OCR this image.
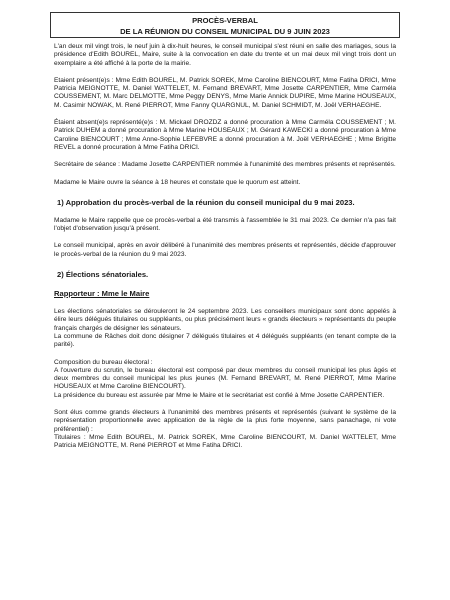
PROCÈS-VERBAL
DE LA RÉUNION DU CONSEIL MUNICIPAL DU 9 JUIN 2023

L'an deux mil vingt trois, le neuf juin à dix-huit heures, le conseil municipal s'est réuni en salle des mariages, sous la présidence d'Edith BOUREL, Maire, suite à la convocation en date du trente et un mai deux mil vingt trois dont un exemplaire a été affiché à la porte de la mairie.

Etaient présent(e)s : Mme Edith BOUREL, M. Patrick SOREK, Mme Caroline BIENCOURT, Mme Fatiha DRICI, Mme Patricia MEIGNOTTE, M. Daniel WATTELET, M. Fernand BREVART, Mme Josette CARPENTIER, Mme Carméla COUSSEMENT, M. Marc DELMOTTE, Mme Peggy DENYS, Mme Marie Annick DUPIRE, Mme Marine HOUSEAUX, M. Casimir NOWAK, M. René PIERROT, Mme Fanny QUARGNUL, M. Daniel SCHMIDT, M. Joël VERHAEGHE.

Étaient absent(e)s représenté(e)s : M. Mickael DROZDZ a donné procuration à Mme Carméla COUSSEMENT ; M. Patrick DUHEM a donné procuration à Mme Marine HOUSEAUX ; M. Gérard KAWECKI a donné procuration à Mme Caroline BIENCOURT ; Mme Anne-Sophie LEFEBVRE a donné procuration à M. Joël VERHAEGHE ; Mme Brigitte REVEL a donné procuration à Mme Fatiha DRICI.

Secrétaire de séance : Madame Josette CARPENTIER nommée à l'unanimité des membres présents et représentés.

Madame le Maire ouvre la séance à 18 heures et constate que le quorum est atteint.

1) Approbation du procès-verbal de la réunion du conseil municipal du 9 mai 2023.

Madame le Maire rappelle que ce procès-verbal a été transmis à l'assemblée le 31 mai 2023. Ce dernier n'a pas fait l'objet d'observation jusqu'à présent.

Le conseil municipal, après en avoir délibéré à l'unanimité des membres présents et représentés, décide d'approuver le procès-verbal de la réunion du 9 mai 2023.

2) Élections sénatoriales.
Rapporteur : Mme le Maire

Les élections sénatoriales se dérouleront le 24 septembre 2023. Les conseillers municipaux sont donc appelés à élire leurs délégués titulaires ou suppléants, ou plus précisément leurs « grands électeurs » représentants du peuple français chargés de désigner les sénateurs.

La commune de Râches doit donc désigner 7 délégués titulaires et 4 délégués suppléants (en tenant compte de la parité).

Composition du bureau électoral :

A l'ouverture du scrutin, le bureau électoral est composé par deux membres du conseil municipal les plus âgés et deux membres du conseil municipal les plus jeunes (M. Fernand BREVART, M. René PIERROT, Mme Marine HOUSEAUX et Mme Caroline BIENCOURT).

La présidence du bureau est assurée par Mme le Maire et le secrétariat est confié à Mme Josette CARPENTIER.

Sont élus comme grands électeurs à l'unanimité des membres présents et représentés (suivant le système de la représentation proportionnelle avec application de la règle de la plus forte moyenne, sans panachage, ni vote préférentiel) :

Titulaires : Mme Edith BOUREL, M. Patrick SOREK, Mme Caroline BIENCOURT, M. Daniel WATTELET, Mme Patricia MEIGNOTTE, M. René PIERROT et Mme Fatiha DRICI.
